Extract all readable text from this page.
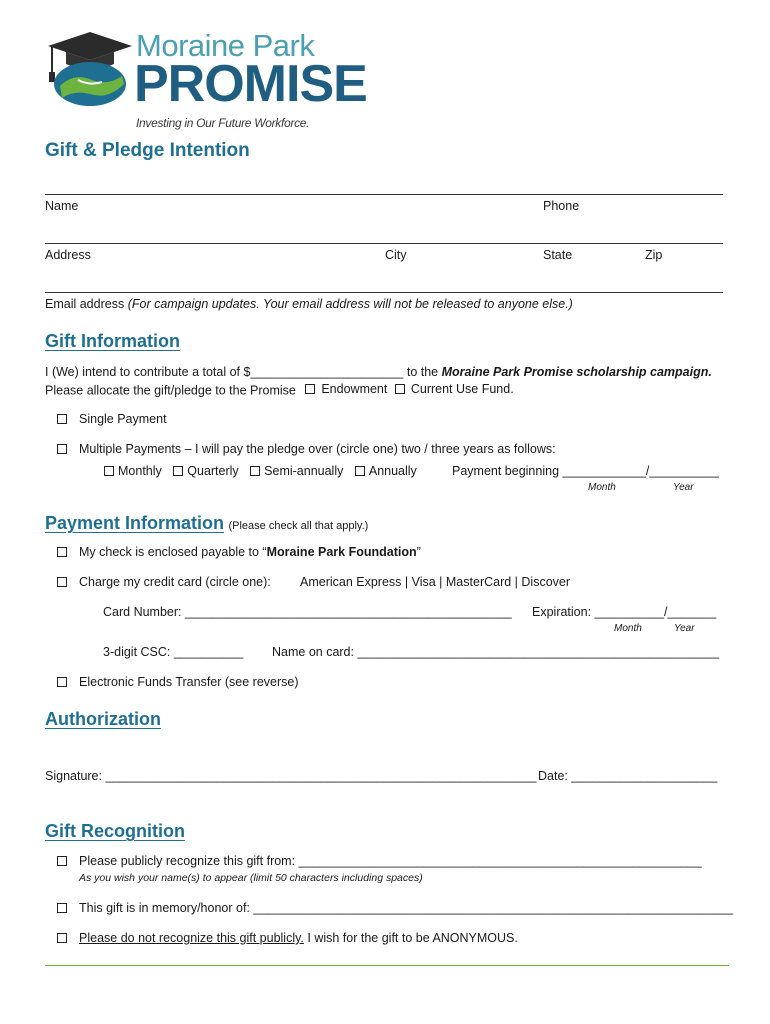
Moraine Park
PROMISE
Investing in Our Future Workforce.
Gift & Pledge Intention
Name	Phone
Address	City	State	Zip
Email address (For campaign updates. Your email address will not be released to anyone else.)
Gift Information
I (We) intend to contribute a total of $______________________ to the Moraine Park Promise scholarship campaign.
Please allocate the gift/pledge to the Promise Endowment
Current Use Fund.
Single Payment
Multiple Payments – I will pay the pledge over (circle one) two / three years as follows:
Monthly
Quarterly
Semi-annually
Annually	Payment beginning ____________/__________
Month	Year
Payment Information (Please check all that apply.)
My check is enclosed payable to “Moraine Park Foundation”
Charge my credit card (circle one): American Express | Visa | MasterCard | Discover
Card Number: _______________________________________________ Expiration: __________/_______
Month	Year
3-digit CSC: __________ Name on card: ____________________________________________________
Electronic Funds Transfer (see reverse)
Authorization
Signature: ______________________________________________________________ Date: _____________________
Gift Recognition
Please publicly recognize this gift from: __________________________________________________________
As you wish your name(s) to appear (limit 50 characters including spaces)
This gift is in memory/honor of: _____________________________________________________________________
Please do not recognize this gift publicly. I wish for the gift to be ANONYMOUS.
